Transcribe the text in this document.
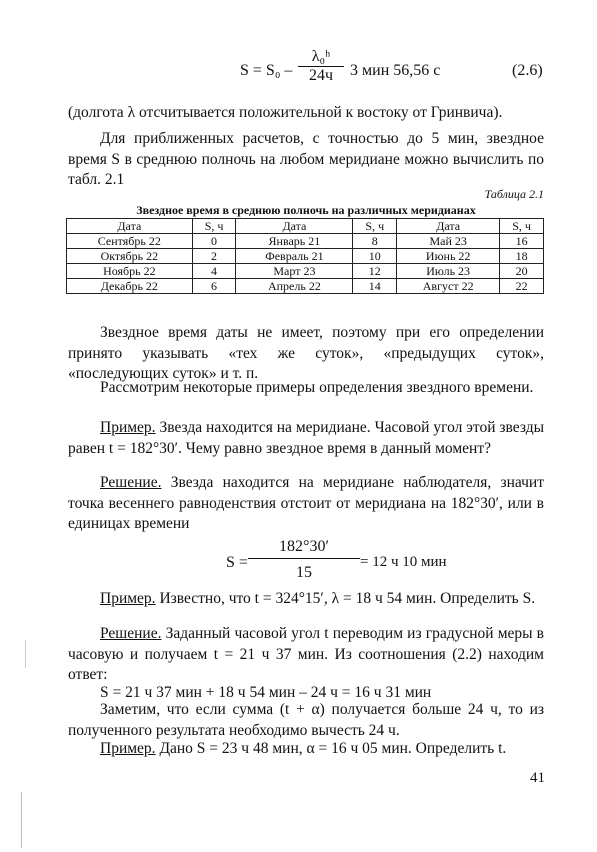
S = S₀ –
λ₀ʰ
24ч	3 мин 56,56 с	(2.6)

(долгота λ отсчитывается положительной к востоку от Гринвича).

Для приближенных расчетов, с точностью до 5 мин, звездное время S в среднюю полночь на любом меридиане можно вычислить по табл. 2.1

Таблица 2.1
Звездное время в среднюю полночь на различных меридианах
Дата	S, ч	Дата	S, ч	Дата	S, ч
Сентябрь 22	0	Январь 21	8	Май 23	16
Октябрь 22	2	Февраль 21	10	Июнь 22	18
Ноябрь 22	4	Март 23	12	Июль 23	20
Декабрь 22	6	Апрель 22	14	Август 22	22

Звездное время даты не имеет, поэтому при его определении принято указывать «тех же суток», «предыдущих суток», «последующих суток» и т. п.

Рассмотрим некоторые примеры определения звездного времени.

Пример. Звезда находится на меридиане. Часовой угол этой звезды равен t = 182°30′. Чему равно звездное время в данный момент?

Решение. Звезда находится на меридиане наблюдателя, значит точка весеннего равноденствия отстоит от меридиана на 182°30′, или в единицах времени

S =
182°30′
15
= 12 ч 10 мин

Пример. Известно, что t = 324°15′, λ = 18 ч 54 мин. Определить S.

Решение. Заданный часовой угол t переводим из градусной меры в часовую и получаем t = 21 ч 37 мин. Из соотношения (2.2) находим ответ:

S = 21 ч 37 мин + 18 ч 54 мин – 24 ч = 16 ч 31 мин

Заметим, что если сумма (t + α) получается больше 24 ч, то из полученного результата необходимо вычесть 24 ч.

Пример. Дано S = 23 ч 48 мин, α = 16 ч 05 мин. Определить t.

41
